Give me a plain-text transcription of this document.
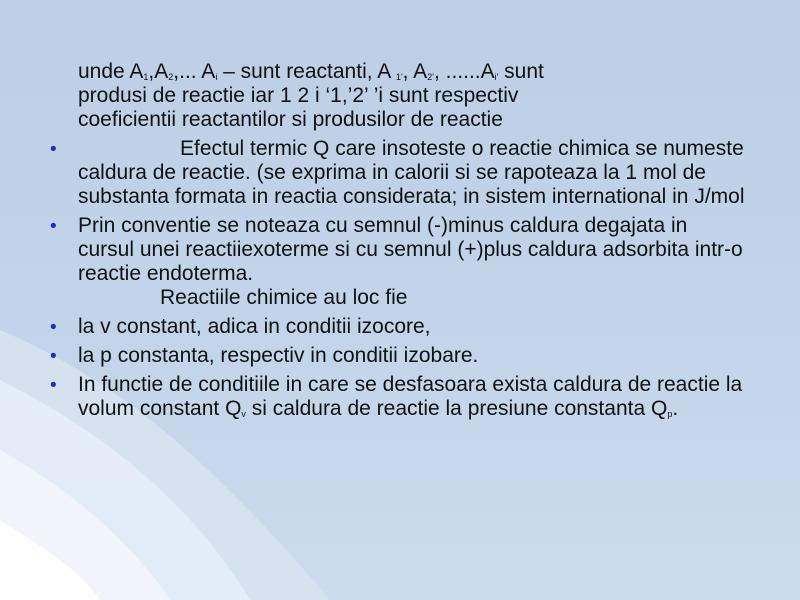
unde $A_1,A_2$,... $A_i$ – sunt reactanti, A $_{1'}$, $A_{2'}$, $......A_{i'}$ sunt
produsi de reactie iar 1 2 i ‘1,’2’ ’i sunt respectiv
coeficientii reactantilor si produsilor de reactie

•	Efectul termic Q care insoteste o reactie chimica se numeste caldura de reactie. (se exprima in calorii si se rapoteaza la 1 mol de substanta formata in reactia considerata; in sistem international in J/mol

• Prin conventie se noteaza cu semnul (-)minus caldura degajata in cursul unei reactiiexoterme si cu semnul (+)plus caldura adsorbita intr-o reactie endoterma.
Reactiile chimice au loc fie

• la v constant, adica in conditii izocore,

• la p constanta, respectiv in conditii izobare.

• In functie de conditiile in care se desfasoara exista caldura de reactie la volum constant $Q_v$ si caldura de reactie la presiune constanta $Q_p$.
